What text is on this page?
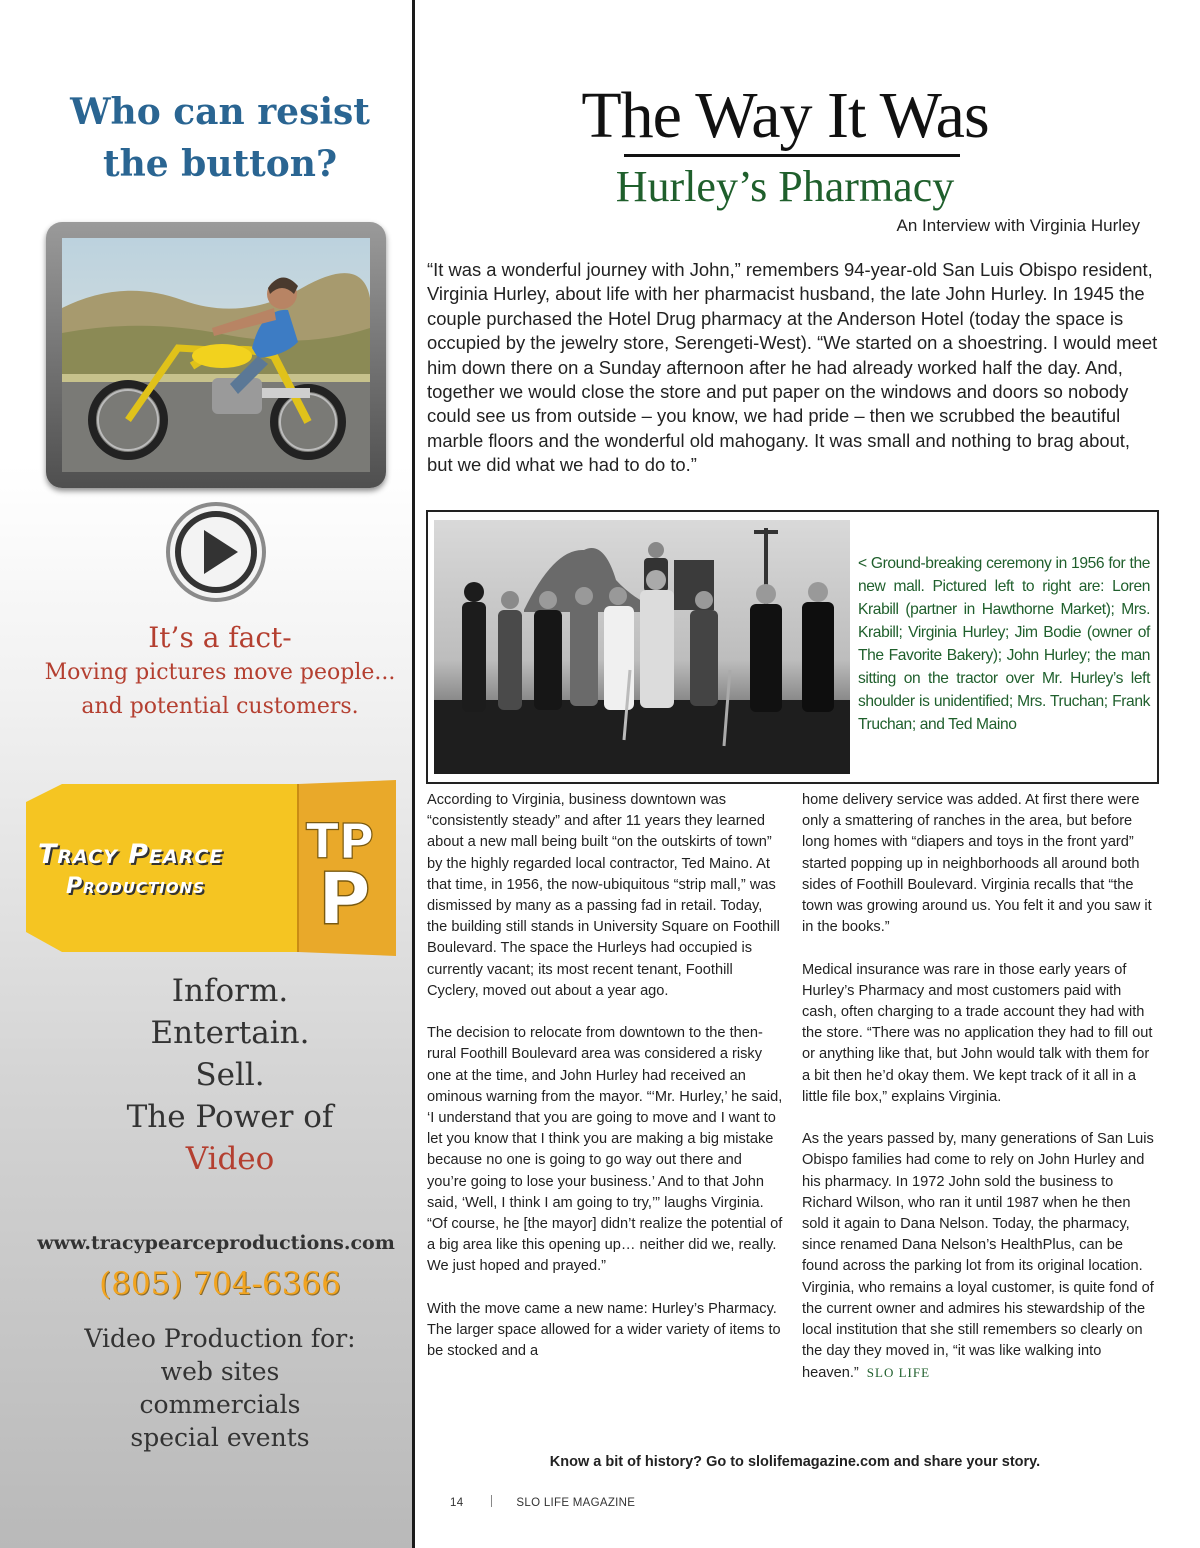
Who can resist
the button?
It’s a fact-
Moving pictures move people...
and potential customers.
TP
P
Tracy Pearce
Productions
Inform.
Entertain.
Sell.
The Power of
Video
www.tracypearceproductions.com
(805) 704-6366
Video Production for:
web sites
commercials
special events
The Way It Was
Hurley’s Pharmacy
An Interview with Virginia Hurley

“It was a wonderful journey with John,” remembers 94-year-old San Luis Obispo resident, Virginia Hurley, about life with her pharmacist husband, the late John Hurley. In 1945 the couple purchased the Hotel Drug pharmacy at the Anderson Hotel (today the space is occupied by the jewelry store, Serengeti-West). “We started on a shoestring. I would meet him down there on a Sunday afternoon after he had already worked half the day. And, together we would close the store and put paper on the windows and doors so nobody could see us from outside – you know, we had pride – then we scrubbed the beautiful marble floors and the wonderful old mahogany. It was small and nothing to brag about, but we did what we had to do to.”

< Ground-breaking ceremony in 1956 for the new mall. Pictured left to right are: Loren Krabill (partner in Hawthorne Market); Mrs. Krabill; Virginia Hurley; Jim Bodie (owner of The Favorite Bakery); John Hurley; the man sitting on the tractor over Mr. Hurley’s left shoulder is unidentified; Mrs. Truchan; Frank Truchan; and Ted Maino

According to Virginia, business downtown was “consistently steady” and after 11 years they learned about a new mall being built “on the outskirts of town” by the highly regarded local contractor, Ted Maino. At that time, in 1956, the now-ubiquitous “strip mall,” was dismissed by many as a passing fad in retail. Today, the building still stands in University Square on Foothill Boulevard. The space the Hurleys had occupied is currently vacant; its most recent tenant, Foothill Cyclery, moved out about a year ago.

The decision to relocate from downtown to the then-rural Foothill Boulevard area was considered a risky one at the time, and John Hurley had received an ominous warning from the mayor. “‘Mr. Hurley,’ he said, ‘I understand that you are going to move and I want to let you know that I think you are making a big mistake because no one is going to go way out there and you’re going to lose your business.’ And to that John said, ‘Well, I think I am going to try,’” laughs Virginia. “Of course, he [the mayor] didn’t realize the potential of a big area like this opening up… neither did we, really. We just hoped and prayed.”

With the move came a new name: Hurley’s Pharmacy. The larger space allowed for a wider variety of items to be stocked and a

home delivery service was added. At first there were only a smattering of ranches in the area, but before long homes with “diapers and toys in the front yard” started popping up in neighborhoods all around both sides of Foothill Boulevard. Virginia recalls that “the town was growing around us. You felt it and you saw it in the books.”

Medical insurance was rare in those early years of Hurley’s Pharmacy and most customers paid with cash, often charging to a trade account they had with the store. “There was no application they had to fill out or anything like that, but John would talk with them for a bit then he’d okay them. We kept track of it all in a little file box,” explains Virginia.

As the years passed by, many generations of San Luis Obispo families had come to rely on John Hurley and his pharmacy. In 1972 John sold the business to Richard Wilson, who ran it until 1987 when he then sold it again to Dana Nelson. Today, the pharmacy, since renamed Dana Nelson’s HealthPlus, can be found across the parking lot from its original location. Virginia, who remains a loyal customer, is quite fond of the current owner and admires his stewardship of the local institution that she still remembers so clearly on the day they moved in, “it was like walking into heaven.” SLO LIFE

Know a bit of history? Go to slolifemagazine.com and share your story.
14	SLO LIFE MAGAZINE
